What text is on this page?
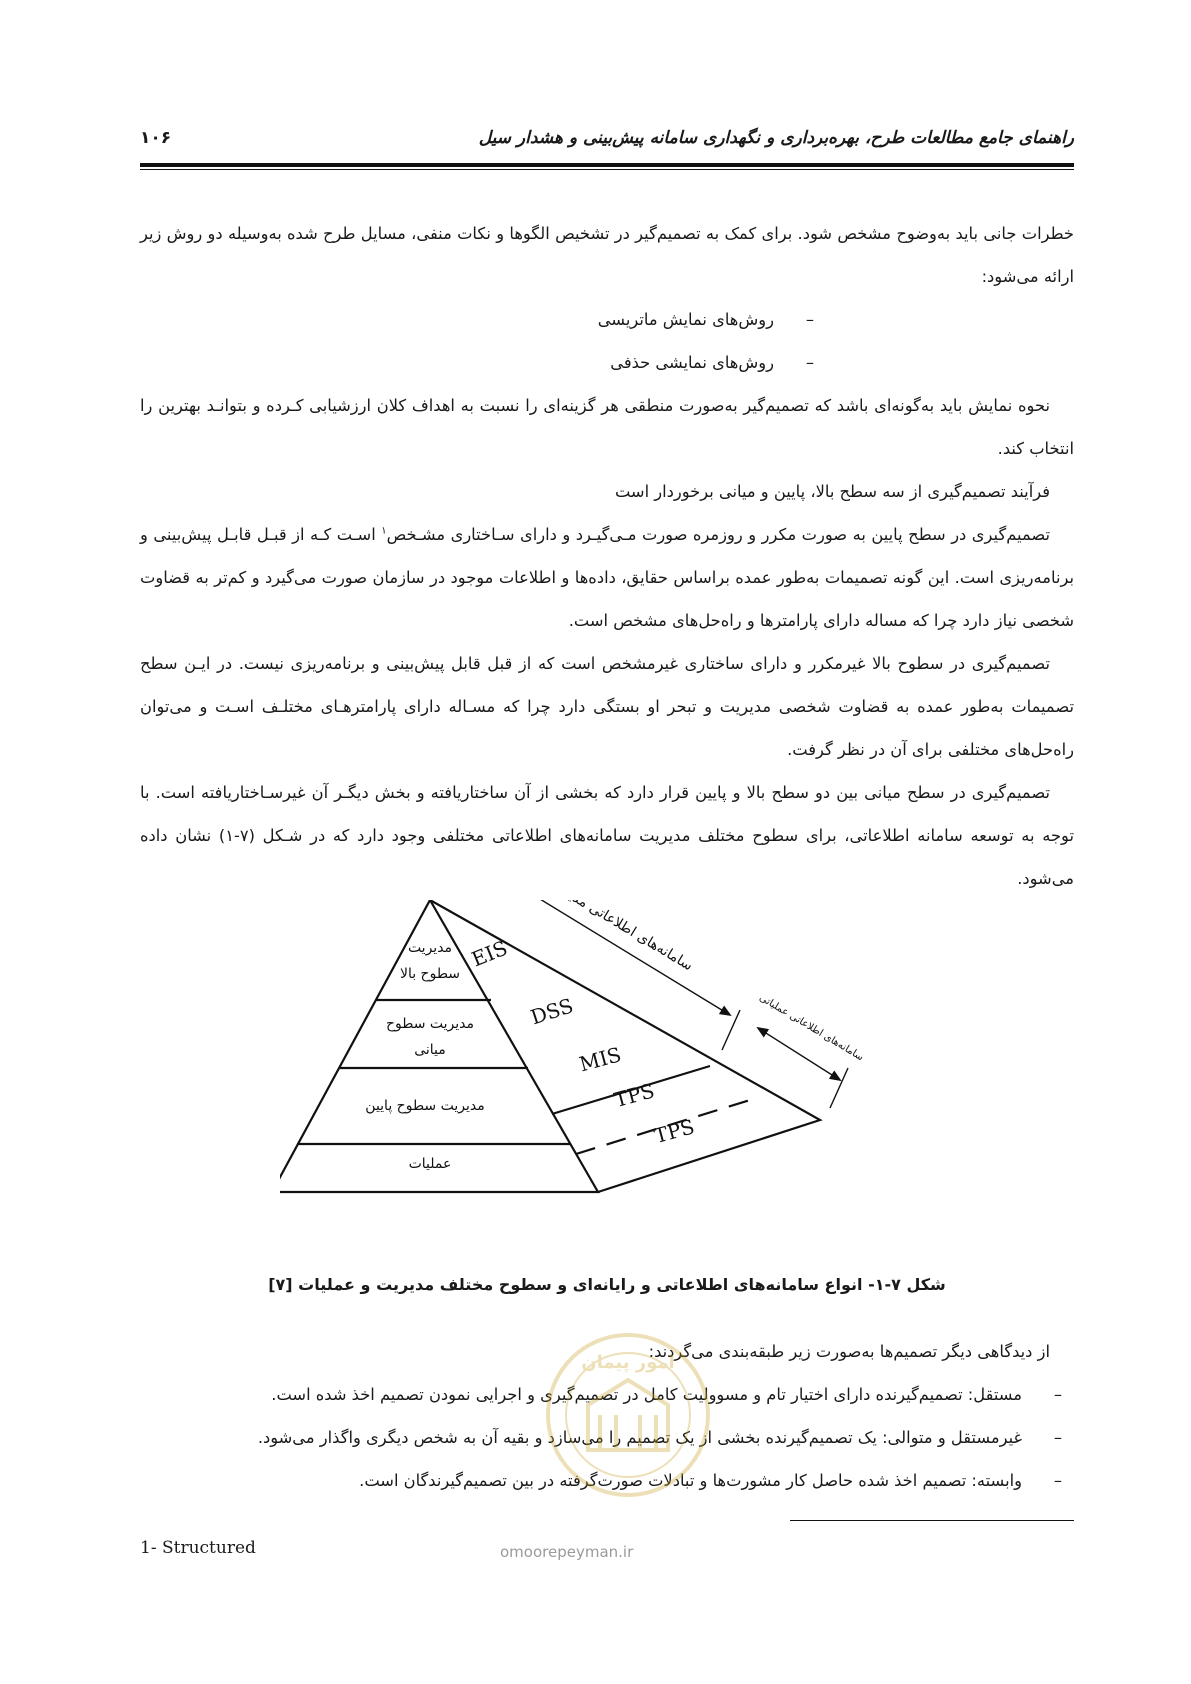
راهنمای جامع مطالعات طرح، بهره‌برداری و نگهداری سامانه پیش‌بینی و هشدار سیل
۱۰۶

خطرات جانی باید به‌وضوح مشخص شود. برای کمک به تصمیم‌گیر در تشخیص الگوها و نکات منفی، مسایل طرح شده به‌وسیله دو روش زیر ارائه می‌شود:

– روش‌های نمایش ماتریسی

– روش‌های نمایشی حذفی

نحوه نمایش باید به‌گونه‌ای باشد که تصمیم‌گیر به‌صورت منطقی هر گزینه‌ای را نسبت به اهداف کلان ارزشیابی کـرده و بتوانـد بهترین را انتخاب کند.

فرآیند تصمیم‌گیری از سه سطح بالا، پایین و میانی برخوردار است

تصمیم‌گیری در سطح پایین به صورت مکرر و روزمره صورت مـی‌گیـرد و دارای سـاختاری مشـخص$^۱$ اسـت کـه از قبـل قابـل پیش‌بینی و برنامه‌ریزی است. این گونه تصمیمات به‌طور عمده براساس حقایق، داده‌ها و اطلاعات موجود در سازمان صورت می‌گیرد و کم‌تر به قضاوت شخصی نیاز دارد چرا که مساله دارای پارامترها و راه‌حل‌های مشخص است.

تصمیم‌گیری در سطوح بالا غیرمکرر و دارای ساختاری غیرمشخص است که از قبل قابل پیش‌بینی و برنامه‌ریزی نیست. در ایـن سطح تصمیمات به‌طور عمده به قضاوت شخصی مدیریت و تبحر او بستگی دارد چرا که مسـاله دارای پارامترهـای مختلـف اسـت و می‌توان راه‌حل‌های مختلفی برای آن در نظر گرفت.

تصمیم‌گیری در سطح میانی بین دو سطح بالا و پایین قرار دارد که بخشی از آن ساختاریافته و بخش دیگـر آن غیرسـاختاریافته است. با توجه به توسعه سامانه اطلاعاتی، برای سطوح مختلف مدیریت سامانه‌های اطلاعاتی مختلفی وجود دارد که در شـکل (۷-۱) نشان داده می‌شود.

مدیریت
سطوح بالا
مدیریت سطوح
میانی
مدیریت سطوح پایین
عملیات
EIS
DSS
MIS
TPS
TPS
سامانه‌های اطلاعاتی مدیریت
سامانه‌های اطلاعاتی عملیاتی
شکل ۷-۱- انواع سامانه‌های اطلاعاتی و رایانه‌ای و سطوح مختلف مدیریت و عملیات [۷]

از دیدگاهی دیگر تصمیم‌ها به‌صورت زیر طبقه‌بندی می‌گردند:

– مستقل: تصمیم‌گیرنده دارای اختیار تام و مسوولیت کامل در تصمیم‌گیری و اجرایی نمودن تصمیم اخذ شده است.

– غیرمستقل و متوالی: یک تصمیم‌گیرنده بخشی از یک تصمیم را می‌سازد و بقیه آن به شخص دیگری واگذار می‌شود.

– وابسته: تصمیم اخذ شده حاصل کار مشورت‌ها و تبادلات صورت‌گرفته در بین تصمیم‌گیرندگان است.

امور پیمان
1- Structured	omoorepeyman.ir
